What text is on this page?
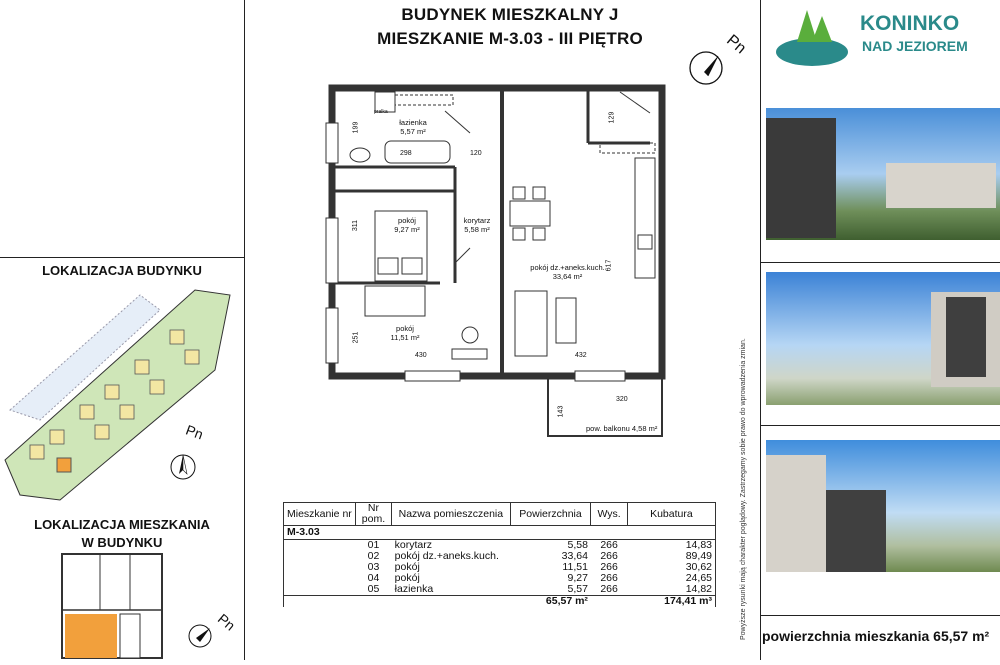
BUDYNEK MIESZKALNY J
MIESZKANIE M-3.03 - III PIĘTRO	Pn
łazienka
5,57 m²
pralka
pokój
9,27 m²
korytarz
5,58 m²
pokój dz.+aneks.kuch.
33,64 m²
pokój
11,51 m²
pow. balkonu 4,58 m²
199
298	120
129
311
617
251
430	432
320
143
LOKALIZACJA BUDYNKU
Pn
LOKALIZACJA MIESZKANIA
W BUDYNKU
Pn
Mieszkanie nr	Nr pom.	Nazwa pomieszczenia	Powierzchnia	Wys.	Kubatura
M-3.03					
	01	korytarz	5,58	266	14,83
	02	pokój dz.+aneks.kuch.	33,64	266	89,49
	03	pokój	11,51	266	30,62
	04	pokój	9,27	266	24,65
	05	łazienka	5,57	266	14,82
			65,57 m²		174,41 m³
KONINKO
NAD JEZIOREM
Powyższe rysunki mają charakter poglądowy. Zastrzegamy sobie prawo do wprowadzenia zmian. powierzchnia mieszkania 65,57 m²
